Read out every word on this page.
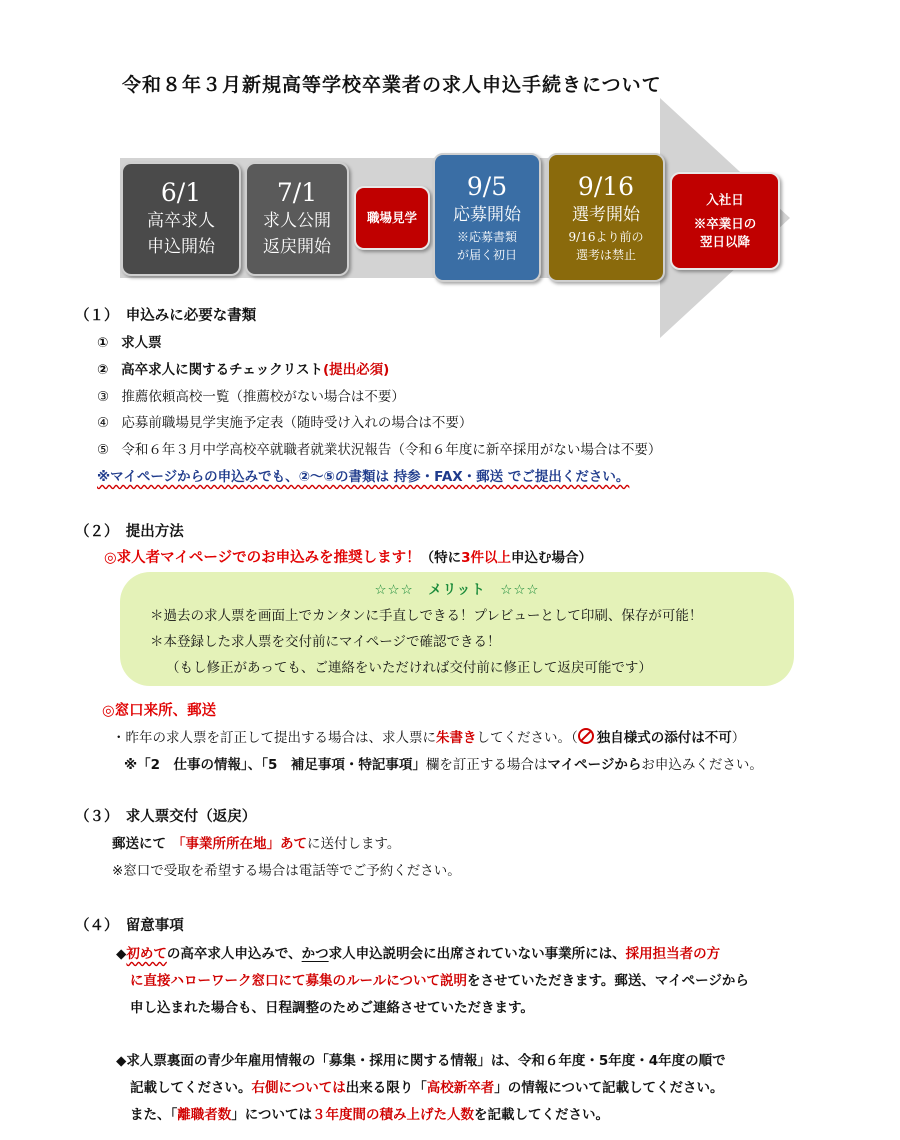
令和８年３月新規高等学校卒業者の求人申込手続きについて
6/1
高卒求人
申込開始
7/1
求人公開
返戻開始
職場見学
9/5
応募開始
※応募書類
が届く初日
9/16
選考開始
9/16より前の
選考は禁止
入社日
※卒業日の
翌日以降
（１）　申込みに必要な書類
① 求人票
② 高卒求人に関するチェックリスト(提出必須)
③ 推薦依頼高校一覧（推薦校がない場合は不要）
④ 応募前職場見学実施予定表（随時受け入れの場合は不要）
⑤ 令和６年３月中学高校卒就職者就業状況報告（令和６年度に新卒採用がない場合は不要）
※マイページからの申込みでも、②～⑤の書類は 持参・FAX・郵送 でご提出ください。
（２）　提出方法
◎求人者マイページでのお申込みを推奨します！（特に3件以上申込む場合）
☆☆☆　メリット　☆☆☆
＊過去の求人票を画面上でカンタンに手直しできる！プレビューとして印刷、保存が可能！
＊本登録した求人票を交付前にマイページで確認できる！
（もし修正があっても、ご連絡をいただければ交付前に修正して返戻可能です）
◎窓口来所、郵送
・昨年の求人票を訂正して提出する場合は、求人票に朱書きしてください。（ 独自様式の添付は不可）
※「2　仕事の情報」、「5　補足事項・特記事項」欄を訂正する場合はマイページからお申込みください。
（３）　求人票交付（返戻）
郵送にて 「事業所所在地」あてに送付します。
※窓口で受取を希望する場合は電話等でご予約ください。
（４）　留意事項
◆初めての高卒求人申込みで、かつ求人申込説明会に出席されていない事業所には、採用担当者の方
に直接ハローワーク窓口にて募集のルールについて説明をさせていただきます。郵送、マイページから
申し込まれた場合も、日程調整のためご連絡させていただきます。
◆求人票裏面の青少年雇用情報の「募集・採用に関する情報」は、令和６年度・5年度・4年度の順で
記載してください。右側については出来る限り「高校新卒者」の情報について記載してください。
また、「離職者数」については３年度間の積み上げた人数を記載してください。
